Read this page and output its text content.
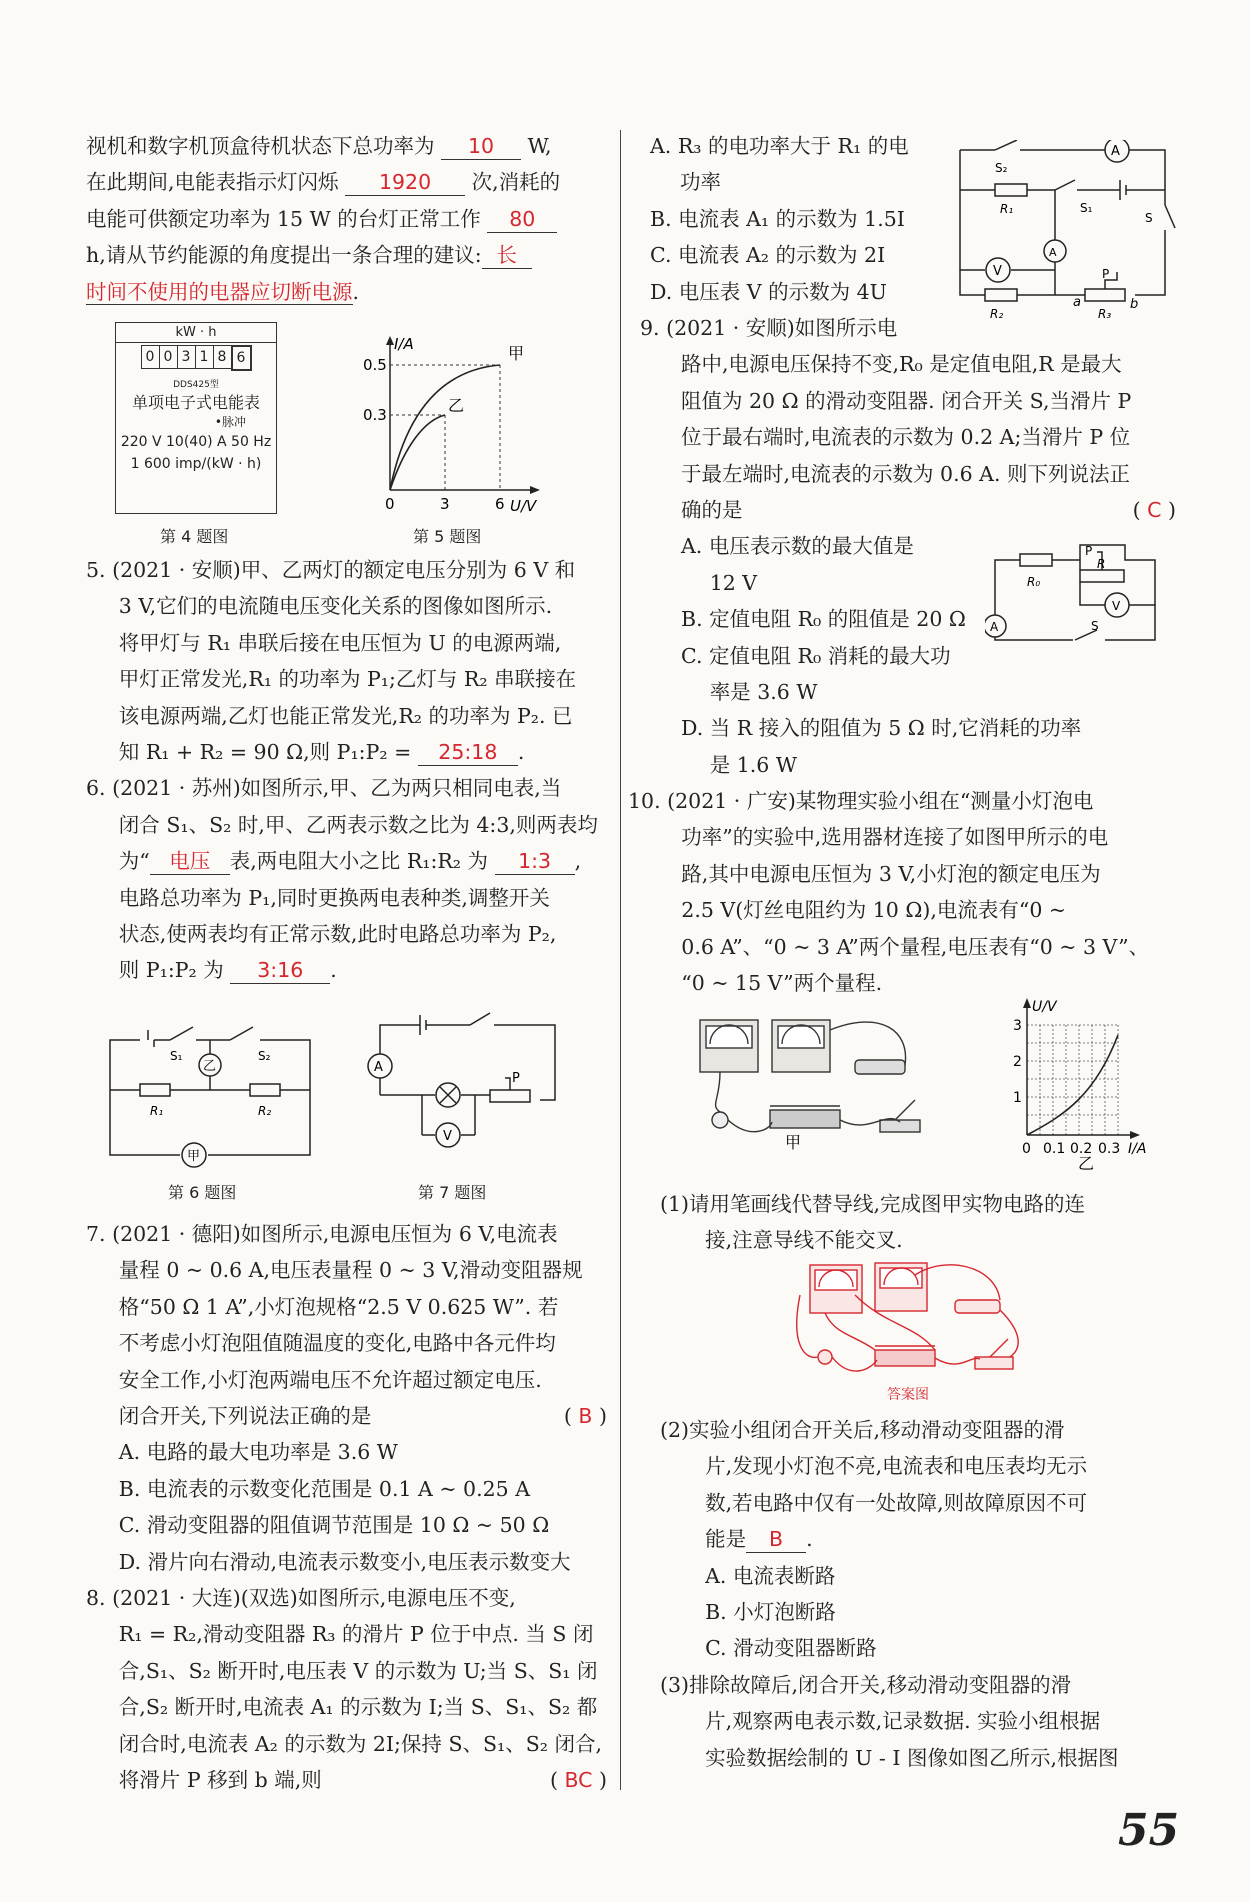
视机和数字机顶盒待机状态下总功率为 10 W,

在此期间,电能表指示灯闪烁 1920 次,消耗的

电能可供额定功率为 15 W 的台灯正常工作 80

h,请从节约能源的角度提出一条合理的建议: 长

时间不使用的电器应切断电源.

kW · h
0 0 3 1 8 6
DDS425型
单项电子式电能表
•脉冲
220 V 10(40) A 50 Hz
1 600 imp/(kW · h)
第 4 题图
I/A
U/V
0.5
0.3
0	3	6
甲
乙
第 5 题图

5. (2021 · 安顺)甲、乙两灯的额定电压分别为 6 V 和

3 V,它们的电流随电压变化关系的图像如图所示.

将甲灯与 R₁ 串联后接在电压恒为 U 的电源两端,

甲灯正常发光,R₁ 的功率为 P₁;乙灯与 R₂ 串联接在

该电源两端,乙灯也能正常发光,R₂ 的功率为 P₂. 已

知 R₁ + R₂ = 90 Ω,则 P₁:P₂ = 25:18 .

6. (2021 · 苏州)如图所示,甲、乙为两只相同电表,当

闭合 S₁、S₂ 时,甲、乙两表示数之比为 4:3,则两表均

为“ 电压 表,两电阻大小之比 R₁:R₂ 为 1:3 ,

电路总功率为 P₁,同时更换两电表种类,调整开关

状态,使两表均有正常示数,此时电路总功率为 P₂,

则 P₁:P₂ 为 3:16 .

S₁	S₂
R₁	R₂
乙
甲
第 6 题图
A
V
P
第 7 题图

7. (2021 · 德阳)如图所示,电源电压恒为 6 V,电流表

量程 0 ~ 0.6 A,电压表量程 0 ~ 3 V,滑动变阻器规

格“50 Ω 1 A”,小灯泡规格“2.5 V 0.625 W”. 若

不考虑小灯泡阻值随温度的变化,电路中各元件均

安全工作,小灯泡两端电压不允许超过额定电压.

闭合开关,下列说法正确的是	( B )

A. 电路的最大电功率是 3.6 W

B. 电流表的示数变化范围是 0.1 A ~ 0.25 A

C. 滑动变阻器的阻值调节范围是 10 Ω ~ 50 Ω

D. 滑片向右滑动,电流表示数变小,电压表示数变大

8. (2021 · 大连)(双选)如图所示,电源电压不变,

R₁ = R₂,滑动变阻器 R₃ 的滑片 P 位于中点. 当 S 闭

合,S₁、S₂ 断开时,电压表 V 的示数为 U;当 S、S₁ 闭

合,S₂ 断开时,电流表 A₁ 的示数为 I;当 S、S₁、S₂ 都

闭合时,电流表 A₂ 的示数为 2I;保持 S、S₁、S₂ 闭合,

将滑片 P 移到 b 端,则	( BC )

A. R₃ 的电功率大于 R₁ 的电

功率

B. 电流表 A₁ 的示数为 1.5I

C. 电流表 A₂ 的示数为 2I

D. 电压表 V 的示数为 4U

S₂
S₁
S
R₁
R₂	R₃
a	b
P
A
V
A

9. (2021 · 安顺)如图所示电

路中,电源电压保持不变,R₀ 是定值电阻,R 是最大

阻值为 20 Ω 的滑动变阻器. 闭合开关 S,当滑片 P

位于最右端时,电流表的示数为 0.2 A;当滑片 P 位

于最左端时,电流表的示数为 0.6 A. 则下列说法正

确的是	( C )

A. 电压表示数的最大值是

12 V

B. 定值电阻 R₀ 的阻值是 20 Ω

C. 定值电阻 R₀ 消耗的最大功

率是 3.6 W

D. 当 R 接入的阻值为 5 Ω 时,它消耗的功率

是 1.6 W

R₀
R
P
S
A
V

10. (2021 · 广安)某物理实验小组在“测量小灯泡电

功率”的实验中,选用器材连接了如图甲所示的电

路,其中电源电压恒为 3 V,小灯泡的额定电压为

2.5 V(灯丝电阻约为 10 Ω),电流表有“0 ~

0.6 A”、“0 ~ 3 A”两个量程,电压表有“0 ~ 3 V”、

“0 ~ 15 V”两个量程.

甲
U/V
I/A
3
2
1
0 0.1 0.2 0.3
乙

(1)请用笔画线代替导线,完成图甲实物电路的连

接,注意导线不能交叉.

答案图

(2)实验小组闭合开关后,移动滑动变阻器的滑

片,发现小灯泡不亮,电流表和电压表均无示

数,若电路中仅有一处故障,则故障原因不可

能是 B .

A. 电流表断路

B. 小灯泡断路

C. 滑动变阻器断路

(3)排除故障后,闭合开关,移动滑动变阻器的滑

片,观察两电表示数,记录数据. 实验小组根据

实验数据绘制的 U - I 图像如图乙所示,根据图

55
